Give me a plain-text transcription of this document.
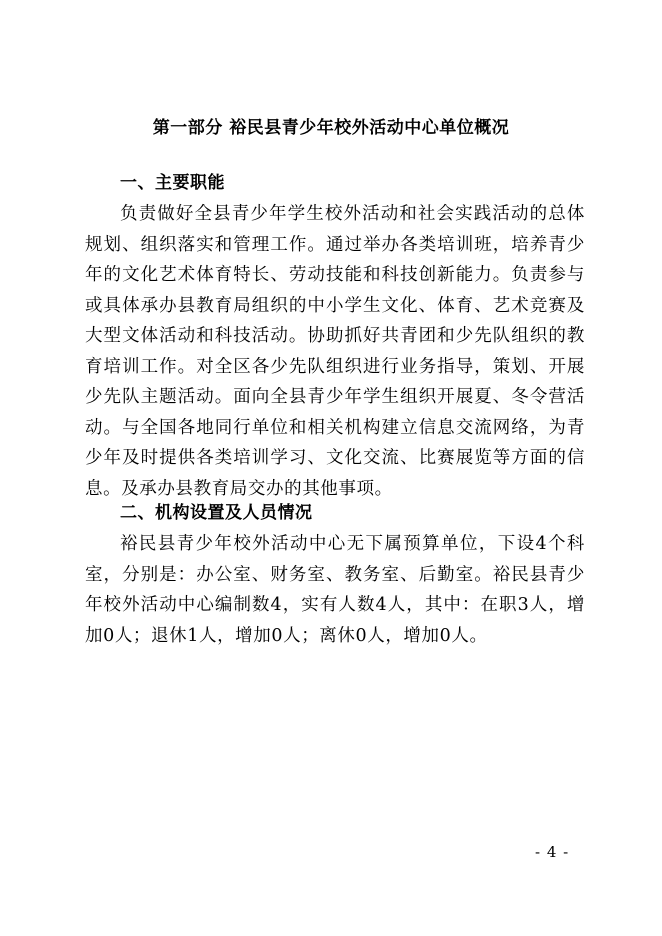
第一部分 裕民县青少年校外活动中心单位概况
一、主要职能

负责做好全县青少年学生校外活动和社会实践活动的总体规划、组织落实和管理工作。通过举办各类培训班，培养青少年的文化艺术体育特长、劳动技能和科技创新能力。负责参与或具体承办县教育局组织的中小学生文化、体育、艺术竞赛及大型文体活动和科技活动。协助抓好共青团和少先队组织的教育培训工作。对全区各少先队组织进行业务指导，策划、开展少先队主题活动。面向全县青少年学生组织开展夏、冬令营活动。与全国各地同行单位和相关机构建立信息交流网络，为青少年及时提供各类培训学习、文化交流、比赛展览等方面的信息。及承办县教育局交办的其他事项。

二、机构设置及人员情况

裕民县青少年校外活动中心无下属预算单位，下设4个科室，分别是：办公室、财务室、教务室、后勤室。裕民县青少年校外活动中心编制数4，实有人数4人，其中：在职3人，增加0人；退休1人，增加0人；离休0人，增加0人。

- 4 -
